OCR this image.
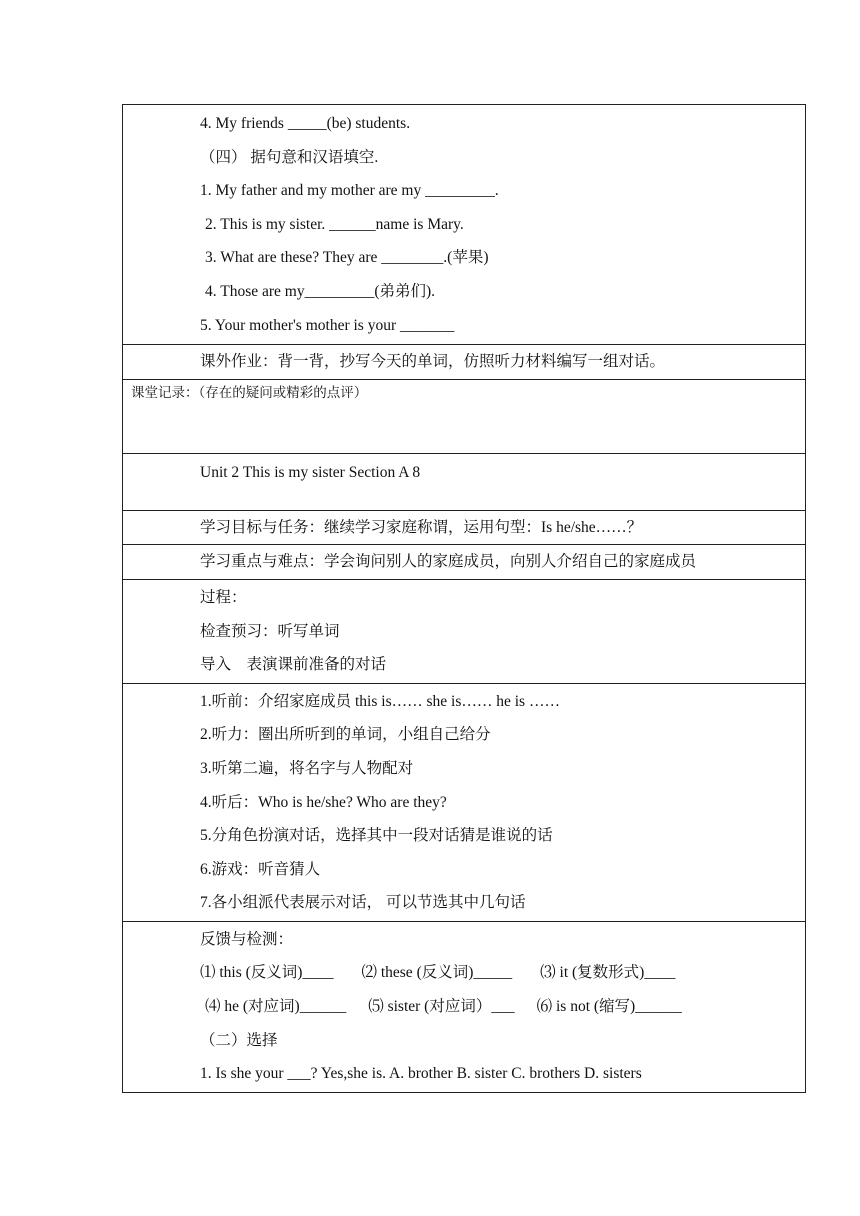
4. My friends _____(be) students.
（四） 据句意和汉语填空.
1. My father and my mother are my _________.
2. This is my sister. ______name is Mary.
3. What are these? They are ________.(苹果)
4. Those are my_________(弟弟们).
5. Your mother's mother is your _______
课外作业：背一背，抄写今天的单词，仿照听力材料编写一组对话。
课堂记录：（存在的疑问或精彩的点评）
Unit 2 This is my sister Section A 8
学习目标与任务：继续学习家庭称谓，运用句型：Is he/she……？
学习重点与难点：学会询问别人的家庭成员，向别人介绍自己的家庭成员
过程：
检查预习：听写单词
导入　表演课前准备的对话
1.听前：介绍家庭成员 this is…… she is…… he is ……
2.听力：圈出所听到的单词，小组自己给分
3.听第二遍，将名字与人物配对
4.听后：Who is he/she? Who are they?
5.分角色扮演对话，选择其中一段对话猜是谁说的话
6.游戏：听音猜人
7.各小组派代表展示对话， 可以节选其中几句话
反馈与检测：
⑴ this (反义词)____ ⑵ these (反义词)_____ ⑶ it (复数形式)____
⑷ he (对应词)______ ⑸ sister (对应词）___ ⑹ is not (缩写)______
（二）选择
1. Is she your ___? Yes,she is. A. brother B. sister C. brothers D. sisters
